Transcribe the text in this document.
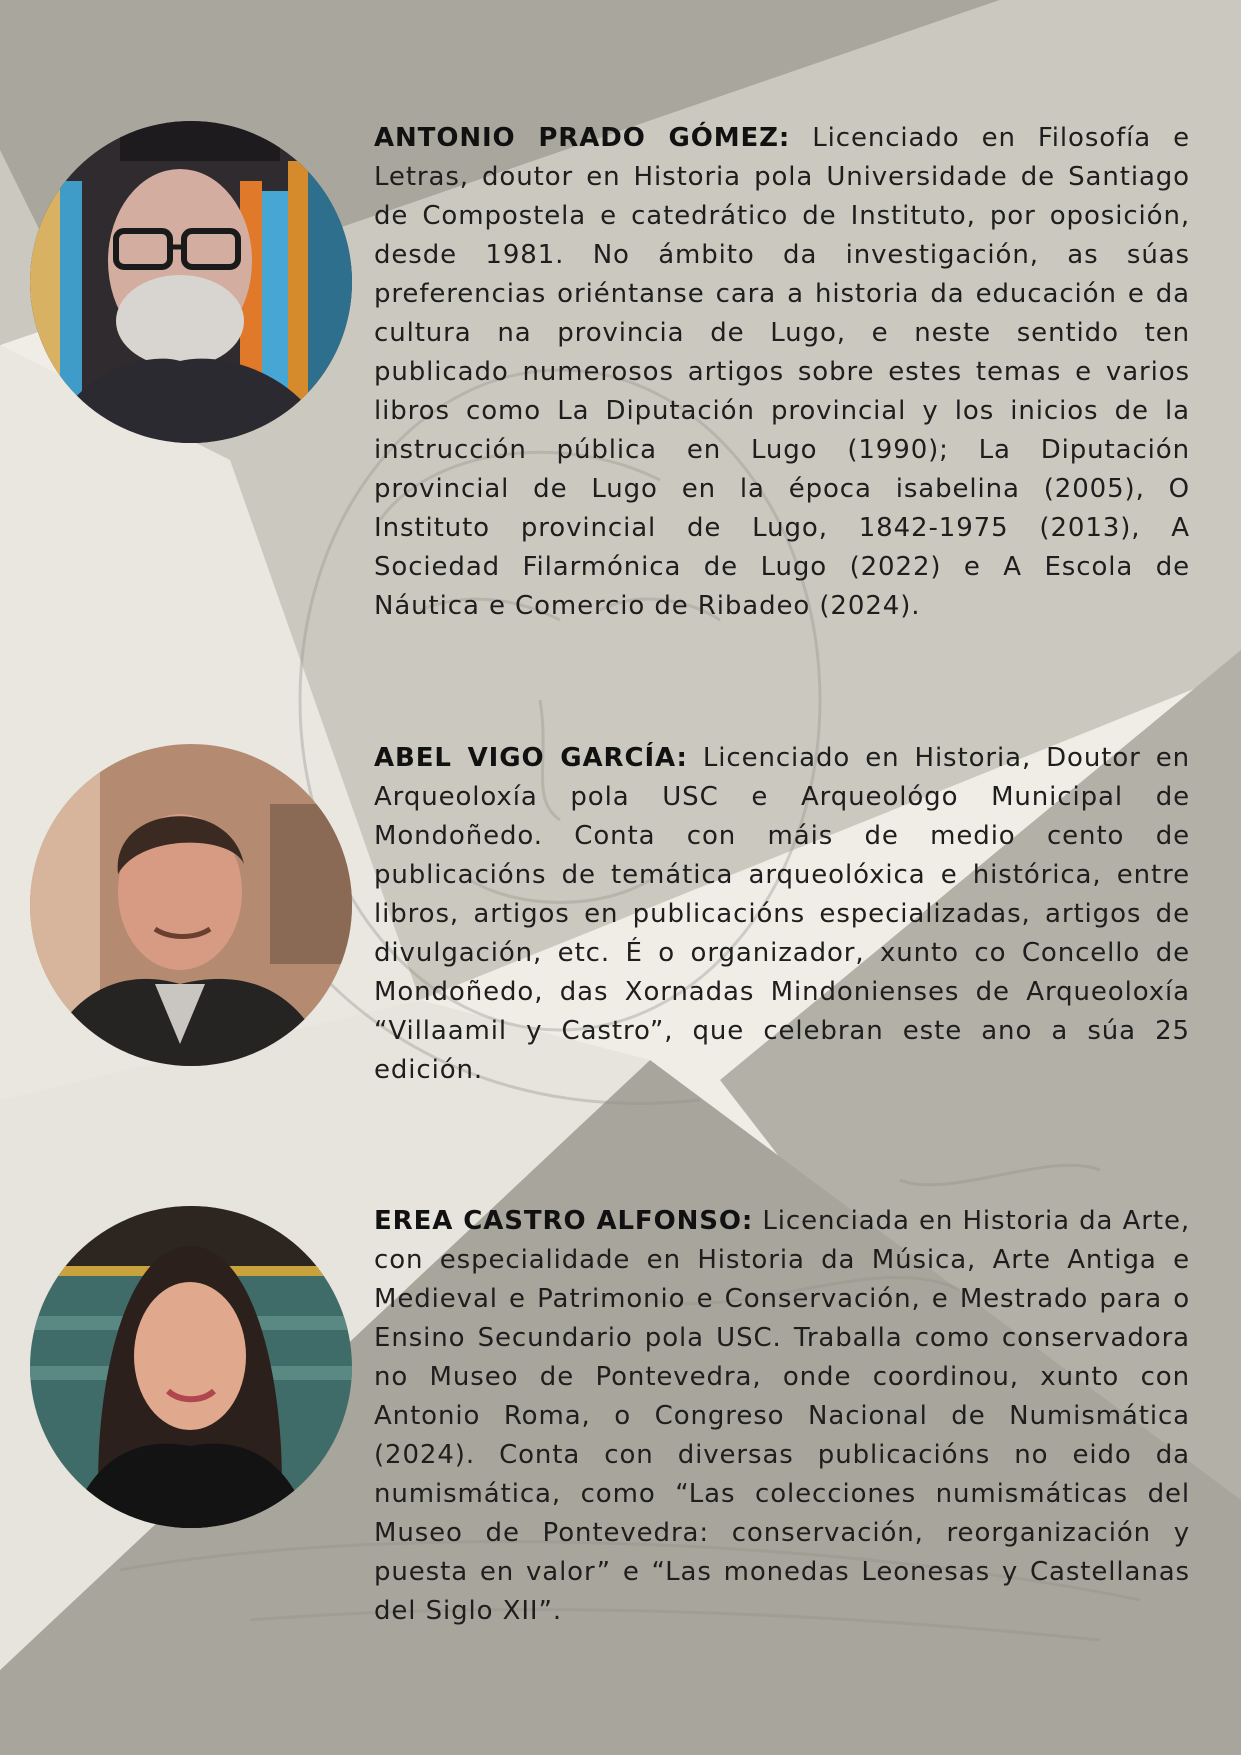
ANTONIO PRADO GÓMEZ: Licenciado en Filosofía e Letras, doutor en Historia pola Universidade de Santiago de Compostela e catedrático de Instituto, por oposición, desde 1981. No ámbito da investigación, as súas preferencias oriéntanse cara a historia da educación e da cultura na provincia de Lugo, e neste sentido ten publicado numerosos artigos sobre estes temas e varios libros como La Diputación provincial y los inicios de la instrucción pública en Lugo (1990); La Diputación provincial de Lugo en la época isabelina (2005), O Instituto provincial de Lugo, 1842-1975 (2013), A Sociedad Filarmónica de Lugo (2022) e A Escola de Náutica e Comercio de Ribadeo (2024).
ABEL VIGO GARCÍA: Licenciado en Historia, Doutor en Arqueoloxía pola USC e Arqueológo Municipal de Mondoñedo. Conta con máis de medio cento de publicacións de temática arqueolóxica e histórica, entre libros, artigos en publicacións especializadas, artigos de divulgación, etc. É o organizador, xunto co Concello de Mondoñedo, das Xornadas Mindonienses de Arqueoloxía “Villaamil y Castro”, que celebran este ano a súa 25 edición.
EREA CASTRO ALFONSO: Licenciada en Historia da Arte, con especialidade en Historia da Música, Arte Antiga e Medieval e Patrimonio e Conservación, e Mestrado para o Ensino Secundario pola USC. Traballa como conservadora no Museo de Pontevedra, onde coordinou, xunto con Antonio Roma, o Congreso Nacional de Numismática (2024). Conta con diversas publicacións no eido da numismática, como “Las colecciones numismáticas del Museo de Pontevedra: conservación, reorganización y puesta en valor” e “Las monedas Leonesas y Castellanas del Siglo XII”.
